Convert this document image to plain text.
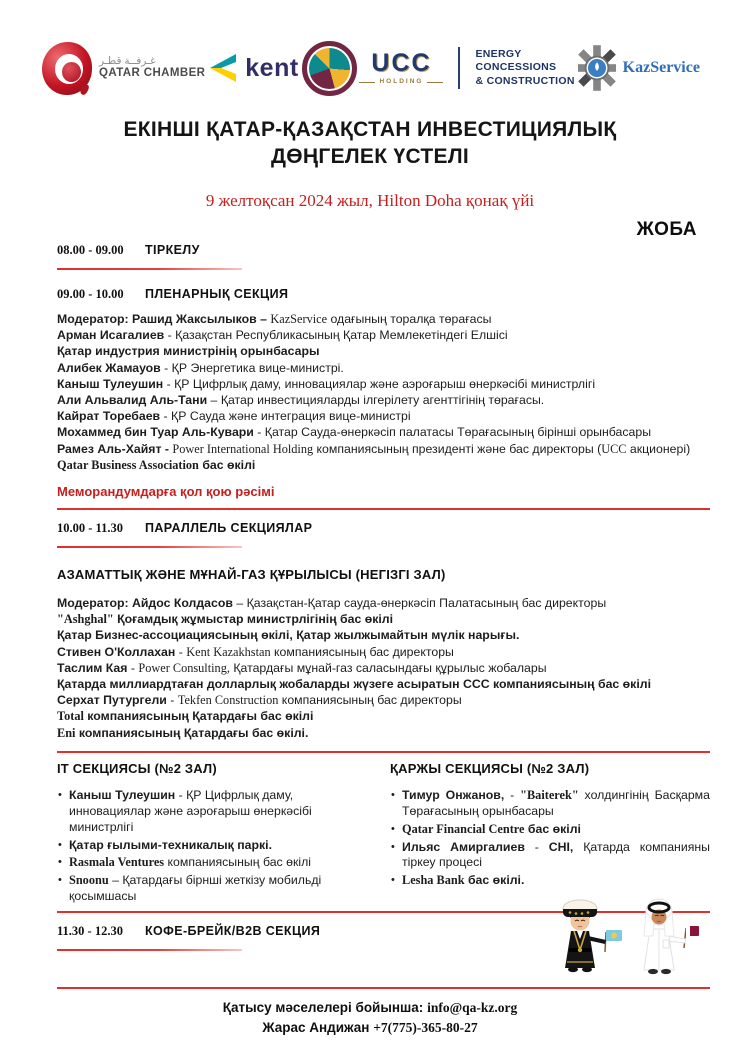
غـرفــة قطـر
QATAR CHAMBER kent	UCC
HOLDING
ENERGY
CONCESSIONS
& CONSTRUCTION
KazService
ЕКІНШІ ҚАТАР-ҚАЗАҚСТАН ИНВЕСТИЦИЯЛЫҚ
ДӨҢГЕЛЕК ҮСТЕЛІ
9 желтоқсан 2024 жыл, Hilton Doha қонақ үйі
ЖОБА
08.00 - 09.00	ТІРКЕЛУ
09.00 - 10.00	ПЛЕНАРНЫҚ СЕКЦИЯ
Модератор: Рашид Жаксылыков – KazService одағының торалқа төрағасы
Арман Исагалиев - Қазақстан Республикасының Қатар Мемлекетіндегі Елшісі
Қатар индустрия министрінің орынбасары
Алибек Жамауов - ҚР Энергетика вице-министрі.
Каныш Тулеушин - ҚР Цифрлық даму, инновациялар және аэроғарыш өнеркәсібі министрлігі
Али Альвалид Аль-Тани – Қатар инвестицияларды ілгерілету агенттігінің төрағасы.
Кайрат Торебаев - ҚР Сауда және интеграция вице-министрі
Мохаммед бин Туар Аль-Кувари - Қатар Сауда-өнеркәсіп палатасы Төрағасының бірінші орынбасары
Рамез Аль-Хайят - Power International Holding компаниясының президенті және бас директоры (UCC акционері)
Qatar Business Association бас өкілі
Меморандумдарға қол қою рәсімі
10.00 - 11.30	ПАРАЛЛЕЛЬ СЕКЦИЯЛАР
АЗАМАТТЫҚ ЖӘНЕ МҰНАЙ-ГАЗ ҚҰРЫЛЫСЫ (НЕГІЗГІ ЗАЛ)
Модератор: Айдос Колдасов – Қазақстан-Қатар сауда-өнеркәсіп Палатасының бас директоры
"Ashghal" Қоғамдық жұмыстар министрлігінің бас өкілі
Қатар Бизнес-ассоциациясының өкілі, Қатар жылжымайтын мүлік нарығы.
Стивен О'Коллахан - Kent Kazakhstan компаниясының бас директоры
Таслим Кая - Power Consulting, Қатардағы мұнай-газ саласындағы құрылыс жобалары
Қатарда миллиардтаған долларлық жобаларды жүзеге асыратын ССС компаниясының бас өкілі
Серхат Путургели - Tekfen Construction компаниясының бас директоры
Total компаниясының Қатардағы бас өкілі
Eni компаниясының Қатардағы бас өкілі.
IT СЕКЦИЯСЫ (№2 ЗАЛ)
• Каныш Тулеушин - ҚР Цифрлық даму, инновациялар және аэроғарыш өнеркәсібі министрлігі
• Қатар ғылыми-техникалық паркі.
• Rasmala Ventures компаниясының бас өкілі
• Snoonu – Қатардағы бірнші жеткізу мобильді қосымшасы
ҚАРЖЫ СЕКЦИЯСЫ (№2 ЗАЛ)
• Тимур Онжанов, - "Baiterek" холдингінің Басқарма Төрағасының орынбасары
• Qatar Financial Centre бас өкілі
• Ильяс Амиргалиев - CHI, Қатарда компанияны тіркеу процесі
• Lesha Bank бас өкілі.
11.30 - 12.30	КОФЕ-БРЕЙК/B2B СЕКЦИЯ
Қатысу мәселелері бойынша: info@qa-kz.org
Жарас Андижан +7(775)-365-80-27
